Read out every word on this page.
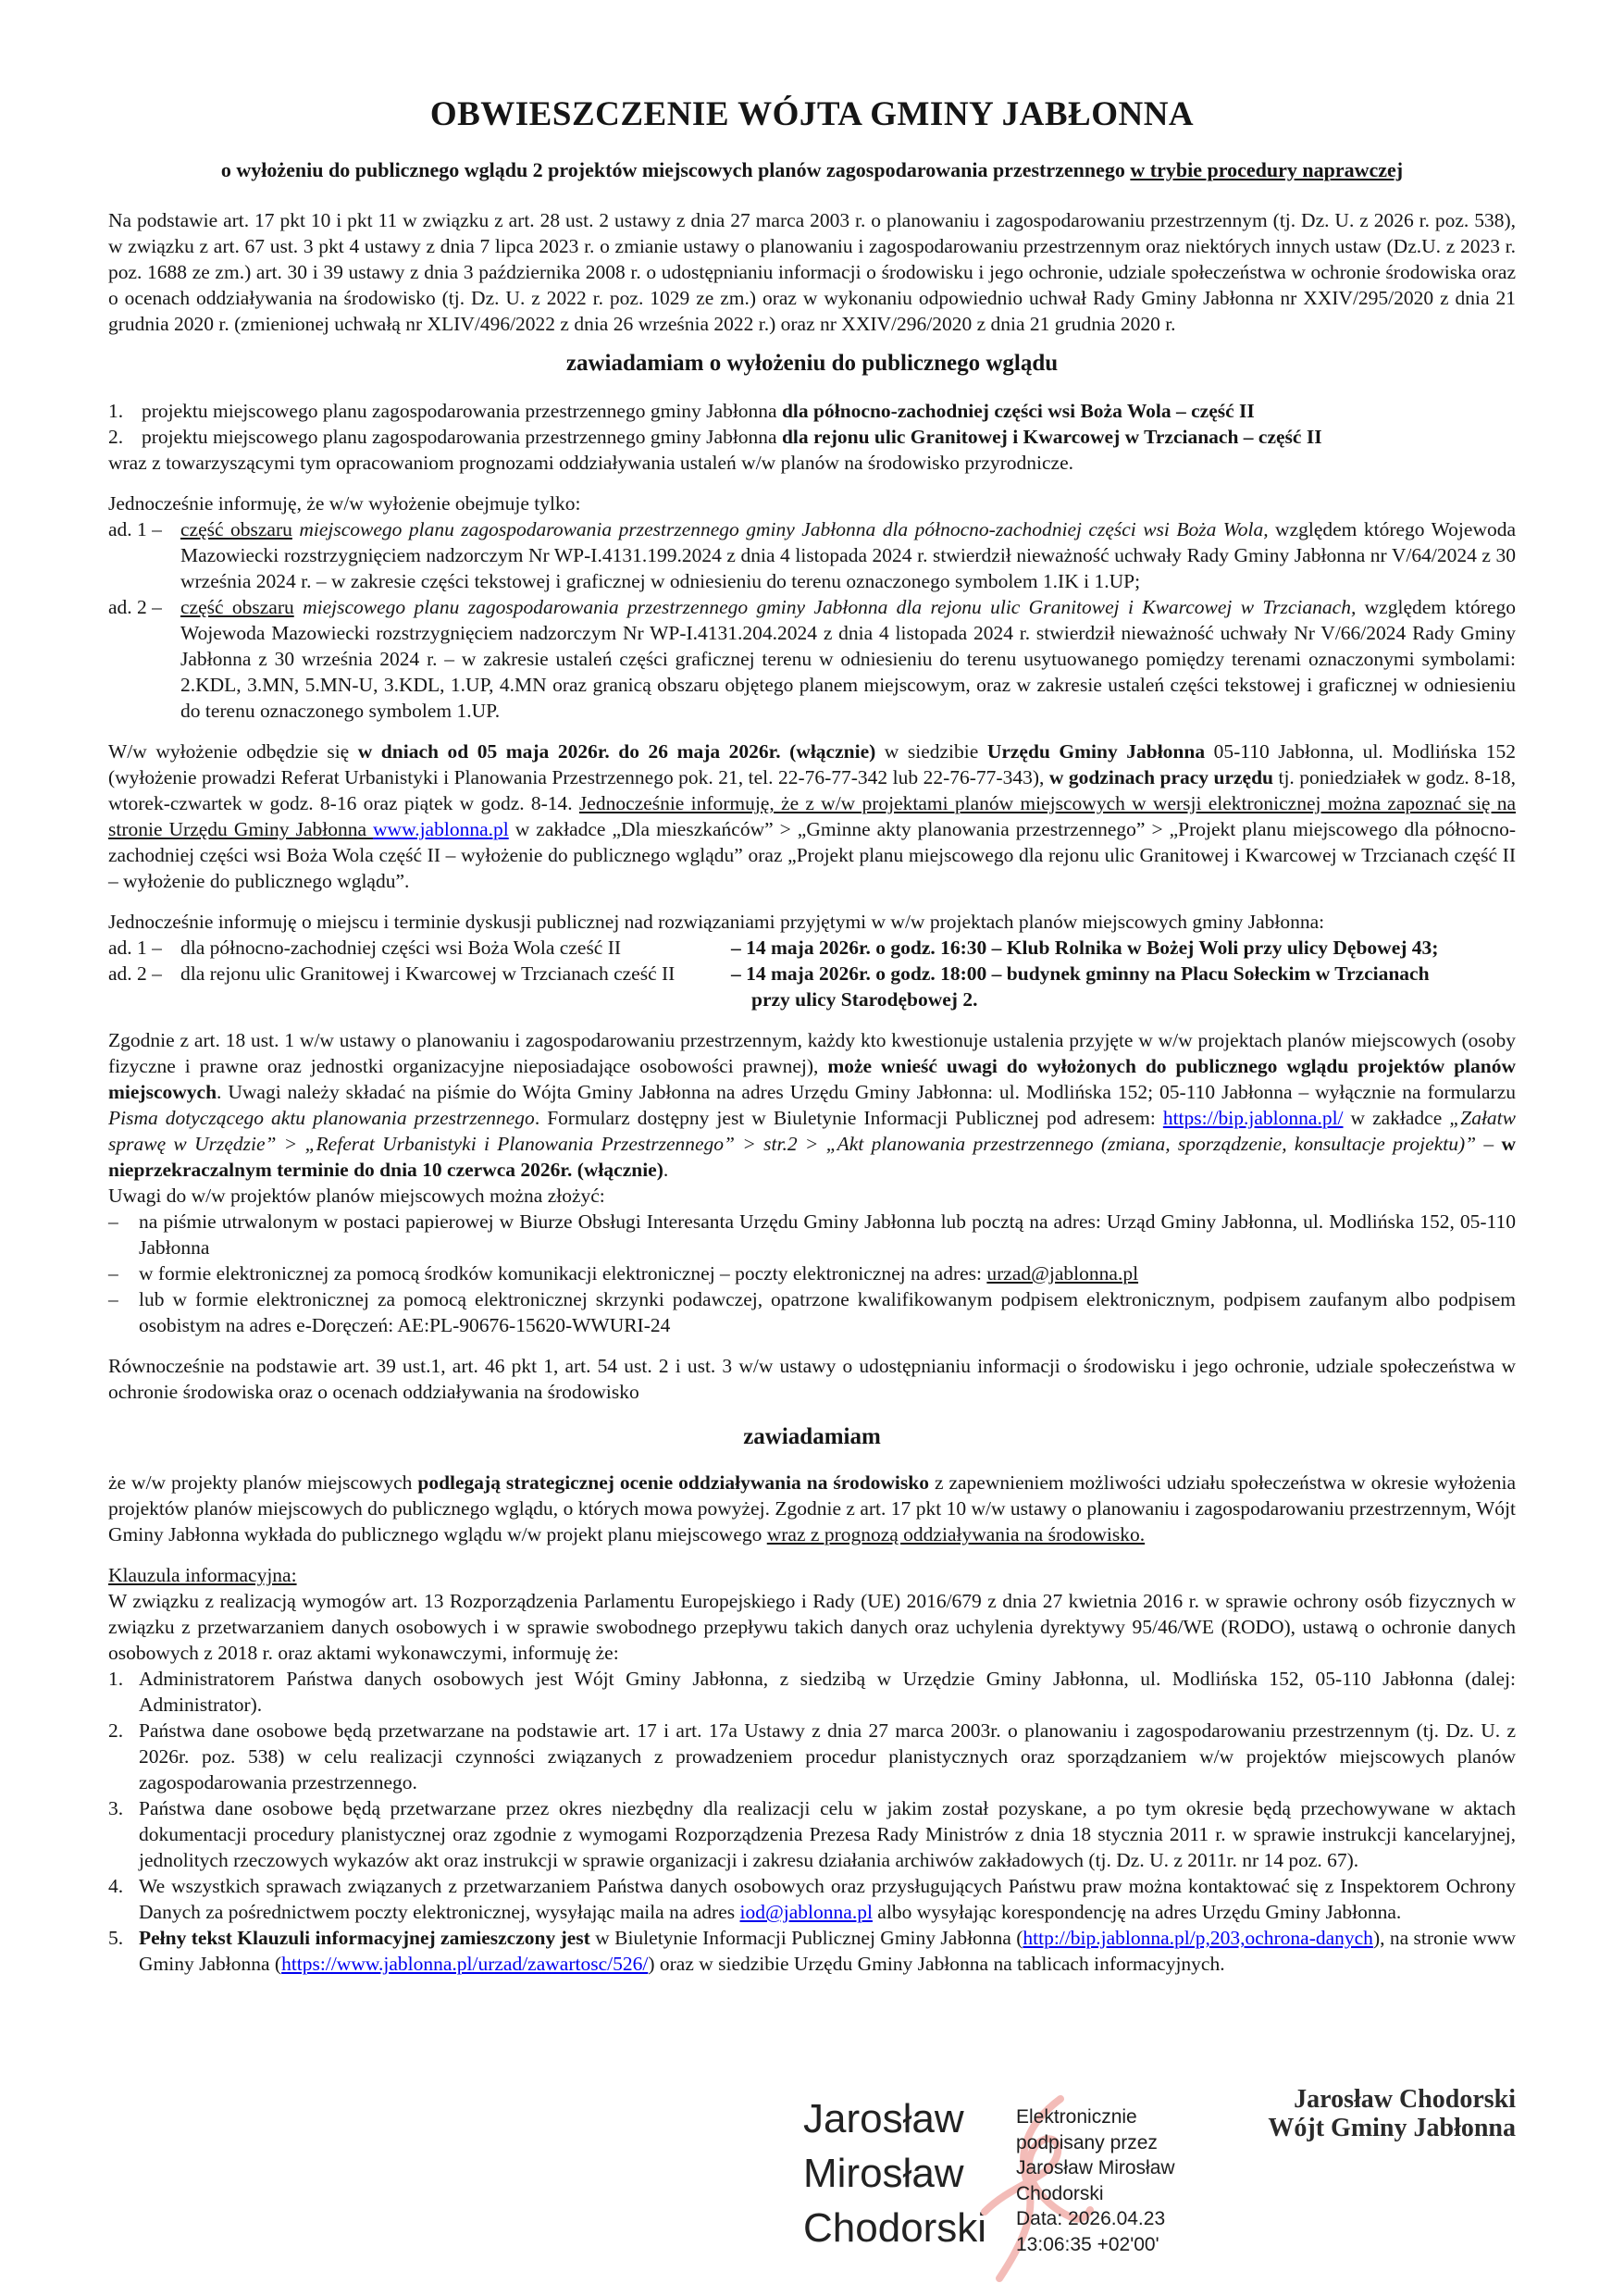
OBWIESZCZENIE WÓJTA GMINY JABŁONNA
o wyłożeniu do publicznego wglądu 2 projektów miejscowych planów zagospodarowania przestrzennego w trybie procedury naprawczej

Na podstawie art. 17 pkt 10 i pkt 11 w związku z art. 28 ust. 2 ustawy z dnia 27 marca 2003 r. o planowaniu i zagospodarowaniu przestrzennym (tj. Dz. U. z 2026 r. poz. 538), w związku z art. 67 ust. 3 pkt 4 ustawy z dnia 7 lipca 2023 r. o zmianie ustawy o planowaniu i zagospodarowaniu przestrzennym oraz niektórych innych ustaw (Dz.U. z 2023 r. poz. 1688 ze zm.) art. 30 i 39 ustawy z dnia 3 października 2008 r. o udostępnianiu informacji o środowisku i jego ochronie, udziale społeczeństwa w ochronie środowiska oraz o ocenach oddziaływania na środowisko (tj. Dz. U. z 2022 r. poz. 1029 ze zm.) oraz w wykonaniu odpowiednio uchwał Rady Gminy Jabłonna nr XXIV/295/2020 z dnia 21 grudnia 2020 r. (zmienionej uchwałą nr XLIV/496/2022 z dnia 26 września 2022 r.) oraz nr XXIV/296/2020 z dnia 21 grudnia 2020 r.

zawiadamiam o wyłożeniu do publicznego wglądu
1. projektu miejscowego planu zagospodarowania przestrzennego gminy Jabłonna dla północno-zachodniej części wsi Boża Wola – część II
2. projektu miejscowego planu zagospodarowania przestrzennego gminy Jabłonna dla rejonu ulic Granitowej i Kwarcowej w Trzcianach – część II

wraz z towarzyszącymi tym opracowaniom prognozami oddziaływania ustaleń w/w planów na środowisko przyrodnicze.

Jednocześnie informuję, że w/w wyłożenie obejmuje tylko:

ad. 1 – część obszaru miejscowego planu zagospodarowania przestrzennego gminy Jabłonna dla północno-zachodniej części wsi Boża Wola, względem którego Wojewoda Mazowiecki rozstrzygnięciem nadzorczym Nr WP-I.4131.199.2024 z dnia 4 listopada 2024 r. stwierdził nieważność uchwały Rady Gminy Jabłonna nr V/64/2024 z 30 września 2024 r. – w zakresie części tekstowej i graficznej w odniesieniu do terenu oznaczonego symbolem 1.IK i 1.UP;
ad. 2 – część obszaru miejscowego planu zagospodarowania przestrzennego gminy Jabłonna dla rejonu ulic Granitowej i Kwarcowej w Trzcianach, względem którego Wojewoda Mazowiecki rozstrzygnięciem nadzorczym Nr WP-I.4131.204.2024 z dnia 4 listopada 2024 r. stwierdził nieważność uchwały Nr V/66/2024 Rady Gminy Jabłonna z 30 września 2024 r. – w zakresie ustaleń części graficznej terenu w odniesieniu do terenu usytuowanego pomiędzy terenami oznaczonymi symbolami: 2.KDL, 3.MN, 5.MN-U, 3.KDL, 1.UP, 4.MN oraz granicą obszaru objętego planem miejscowym, oraz w zakresie ustaleń części tekstowej i graficznej w odniesieniu do terenu oznaczonego symbolem 1.UP.

W/w wyłożenie odbędzie się w dniach od 05 maja 2026r. do 26 maja 2026r. (włącznie) w siedzibie Urzędu Gminy Jabłonna 05-110 Jabłonna, ul. Modlińska 152 (wyłożenie prowadzi Referat Urbanistyki i Planowania Przestrzennego pok. 21, tel. 22-76-77-342 lub 22-76-77-343), w godzinach pracy urzędu tj. poniedziałek w godz. 8-18, wtorek-czwartek w godz. 8-16 oraz piątek w godz. 8-14. Jednocześnie informuję, że z w/w projektami planów miejscowych w wersji elektronicznej można zapoznać się na stronie Urzędu Gminy Jabłonna www.jablonna.pl w zakładce „Dla mieszkańców” > „Gminne akty planowania przestrzennego” > „Projekt planu miejscowego dla północno-zachodniej części wsi Boża Wola część II – wyłożenie do publicznego wglądu” oraz „Projekt planu miejscowego dla rejonu ulic Granitowej i Kwarcowej w Trzcianach część II – wyłożenie do publicznego wglądu”.

Jednocześnie informuję o miejscu i terminie dyskusji publicznej nad rozwiązaniami przyjętymi w w/w projektach planów miejscowych gminy Jabłonna:

ad. 1 – dla północno-zachodniej części wsi Boża Wola cześć II	– 14 maja 2026r. o godz. 16:30 – Klub Rolnika w Bożej Woli przy ulicy Dębowej 43;
ad. 2 – dla rejonu ulic Granitowej i Kwarcowej w Trzcianach cześć II	– 14 maja 2026r. o godz. 18:00 – budynek gminny na Placu Sołeckim w Trzcianach
przy ulicy Starodębowej 2.

Zgodnie z art. 18 ust. 1 w/w ustawy o planowaniu i zagospodarowaniu przestrzennym, każdy kto kwestionuje ustalenia przyjęte w w/w projektach planów miejscowych (osoby fizyczne i prawne oraz jednostki organizacyjne nieposiadające osobowości prawnej), może wnieść uwagi do wyłożonych do publicznego wglądu projektów planów miejscowych. Uwagi należy składać na piśmie do Wójta Gminy Jabłonna na adres Urzędu Gminy Jabłonna: ul. Modlińska 152; 05-110 Jabłonna – wyłącznie na formularzu Pisma dotyczącego aktu planowania przestrzennego. Formularz dostępny jest w Biuletynie Informacji Publicznej pod adresem: https://bip.jablonna.pl/ w zakładce „Załatw sprawę w Urzędzie” > „Referat Urbanistyki i Planowania Przestrzennego” > str.2 > „Akt planowania przestrzennego (zmiana, sporządzenie, konsultacje projektu)” – w nieprzekraczalnym terminie do dnia 10 czerwca 2026r. (włącznie).

Uwagi do w/w projektów planów miejscowych można złożyć:

–	na piśmie utrwalonym w postaci papierowej w Biurze Obsługi Interesanta Urzędu Gminy Jabłonna lub pocztą na adres: Urząd Gminy Jabłonna, ul. Modlińska 152, 05-110 Jabłonna
–	w formie elektronicznej za pomocą środków komunikacji elektronicznej – poczty elektronicznej na adres: urzad@jablonna.pl
–	lub w formie elektronicznej za pomocą elektronicznej skrzynki podawczej, opatrzone kwalifikowanym podpisem elektronicznym, podpisem zaufanym albo podpisem osobistym na adres e-Doręczeń: AE:PL-90676-15620-WWURI-24

Równocześnie na podstawie art. 39 ust.1, art. 46 pkt 1, art. 54 ust. 2 i ust. 3 w/w ustawy o udostępnianiu informacji o środowisku i jego ochronie, udziale społeczeństwa w ochronie środowiska oraz o ocenach oddziaływania na środowisko

zawiadamiam

że w/w projekty planów miejscowych podlegają strategicznej ocenie oddziaływania na środowisko z zapewnieniem możliwości udziału społeczeństwa w okresie wyłożenia projektów planów miejscowych do publicznego wglądu, o których mowa powyżej. Zgodnie z art. 17 pkt 10 w/w ustawy o planowaniu i zagospodarowaniu przestrzennym, Wójt Gminy Jabłonna wykłada do publicznego wglądu w/w projekt planu miejscowego wraz z prognozą oddziaływania na środowisko.

Klauzula informacyjna:

W związku z realizacją wymogów art. 13 Rozporządzenia Parlamentu Europejskiego i Rady (UE) 2016/679 z dnia 27 kwietnia 2016 r. w sprawie ochrony osób fizycznych w związku z przetwarzaniem danych osobowych i w sprawie swobodnego przepływu takich danych oraz uchylenia dyrektywy 95/46/WE (RODO), ustawą o ochronie danych osobowych z 2018 r. oraz aktami wykonawczymi, informuję że:

1. Administratorem Państwa danych osobowych jest Wójt Gminy Jabłonna, z siedzibą w Urzędzie Gminy Jabłonna, ul. Modlińska 152, 05-110 Jabłonna (dalej: Administrator).
2. Państwa dane osobowe będą przetwarzane na podstawie art. 17 i art. 17a Ustawy z dnia 27 marca 2003r. o planowaniu i zagospodarowaniu przestrzennym (tj. Dz. U. z 2026r. poz. 538) w celu realizacji czynności związanych z prowadzeniem procedur planistycznych oraz sporządzaniem w/w projektów miejscowych planów zagospodarowania przestrzennego.
3. Państwa dane osobowe będą przetwarzane przez okres niezbędny dla realizacji celu w jakim został pozyskane, a po tym okresie będą przechowywane w aktach dokumentacji procedury planistycznej oraz zgodnie z wymogami Rozporządzenia Prezesa Rady Ministrów z dnia 18 stycznia 2011 r. w sprawie instrukcji kancelaryjnej, jednolitych rzeczowych wykazów akt oraz instrukcji w sprawie organizacji i zakresu działania archiwów zakładowych (tj. Dz. U. z 2011r. nr 14 poz. 67).
4. We wszystkich sprawach związanych z przetwarzaniem Państwa danych osobowych oraz przysługujących Państwu praw można kontaktować się z Inspektorem Ochrony Danych za pośrednictwem poczty elektronicznej, wysyłając maila na adres iod@jablonna.pl albo wysyłając korespondencję na adres Urzędu Gminy Jabłonna.
5. Pełny tekst Klauzuli informacyjnej zamieszczony jest w Biuletynie Informacji Publicznej Gminy Jabłonna (http://bip.jablonna.pl/p,203,ochrona-danych), na stronie www Gminy Jabłonna (https://www.jablonna.pl/urzad/zawartosc/526/) oraz w siedzibie Urzędu Gminy Jabłonna na tablicach informacyjnych.
Jarosław
Mirosław
Chodorski
Elektronicznie
podpisany przez
Jarosław Mirosław
Chodorski
Data: 2026.04.23
13:06:35 +02'00'
Jarosław Chodorski
Wójt Gminy Jabłonna
